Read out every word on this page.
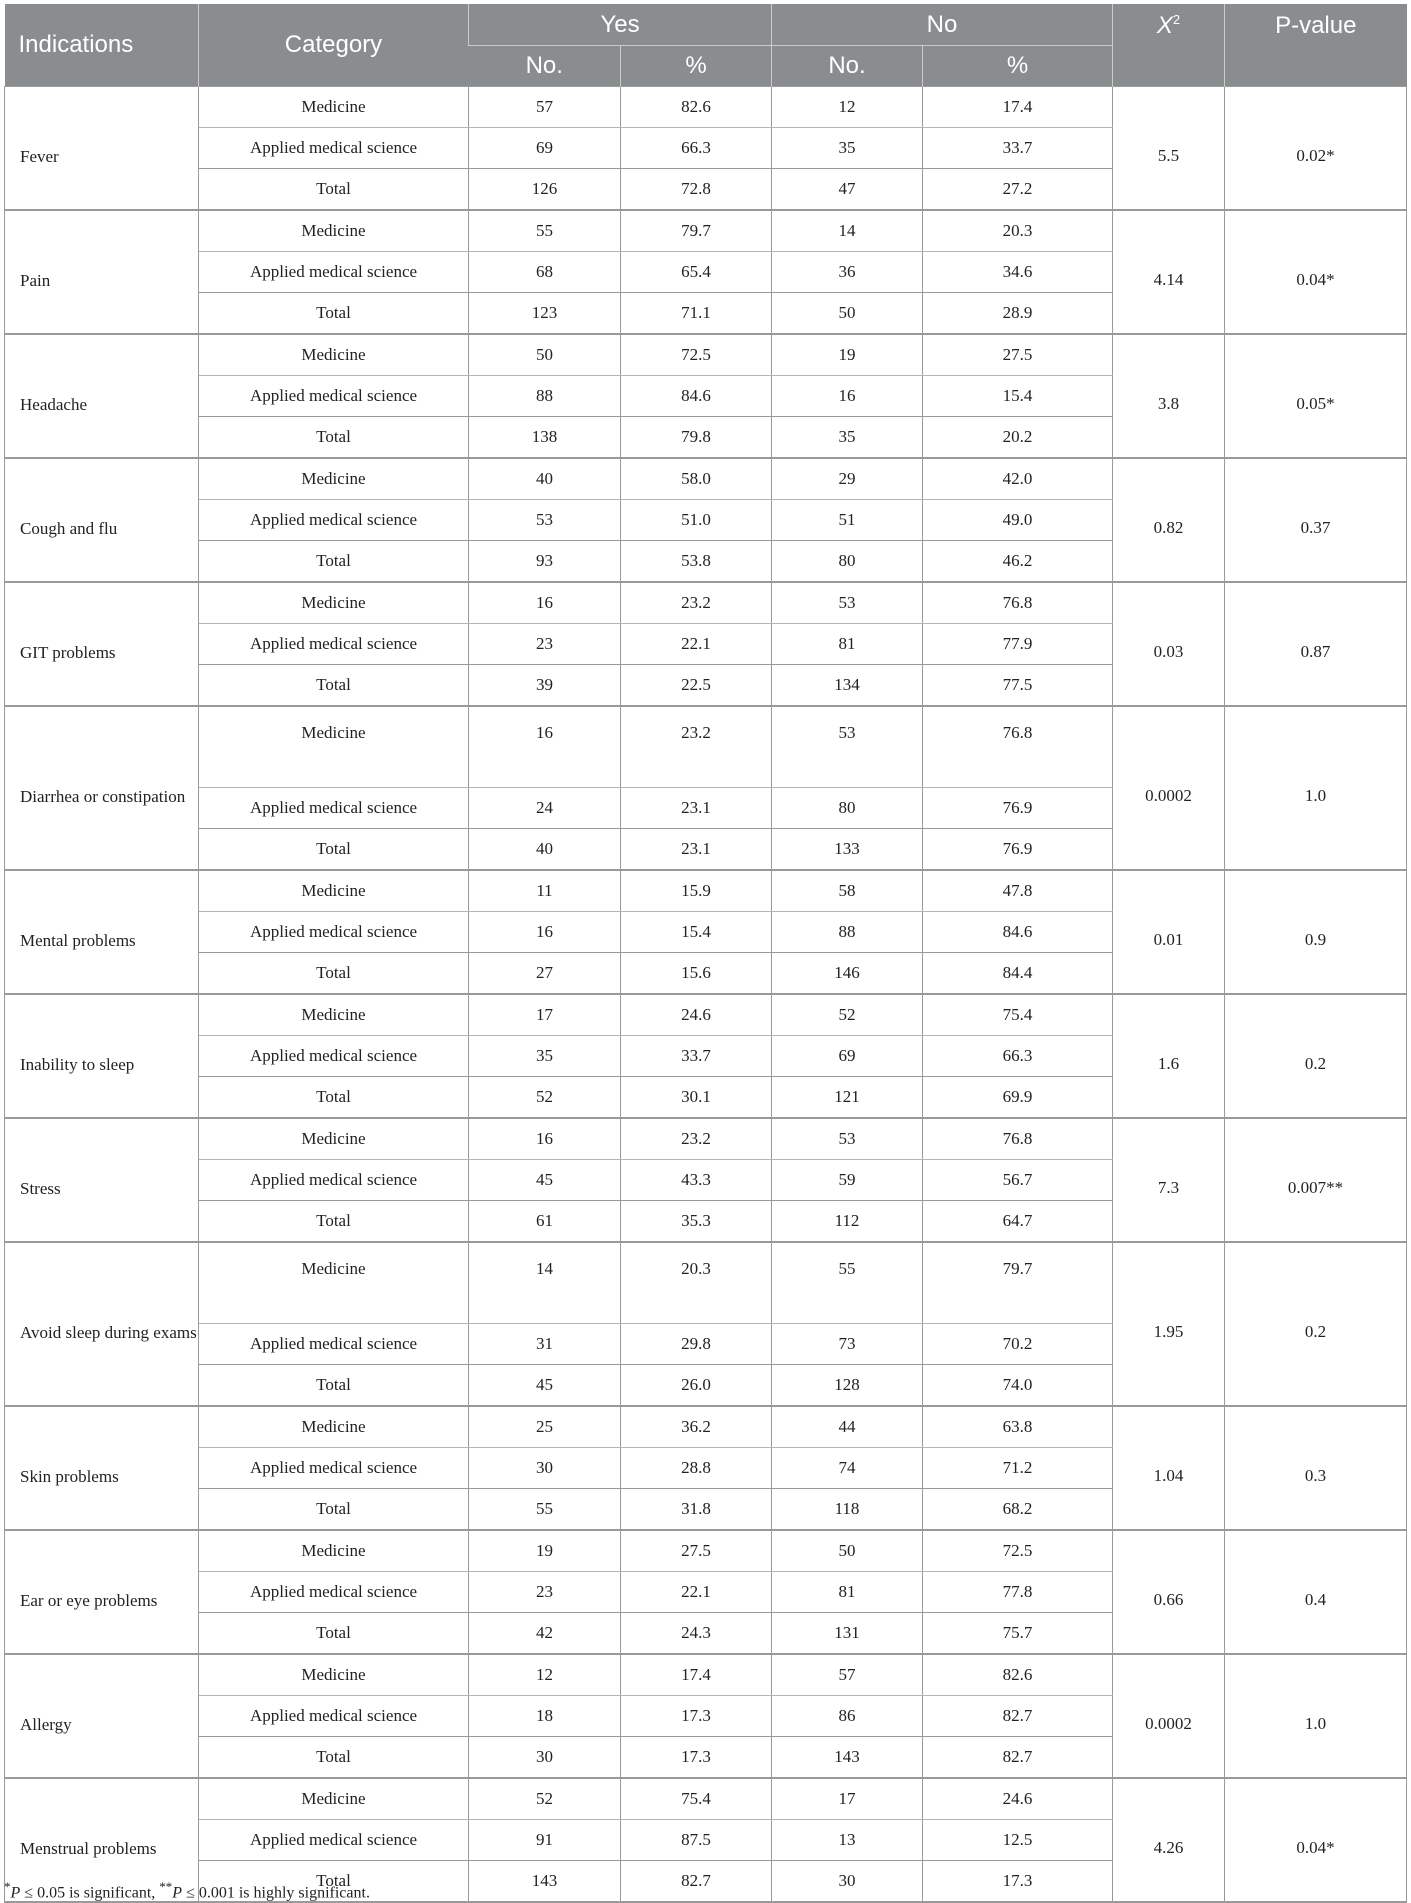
Indications	Category	Yes		No		$X^2$	P-value
		No.	%	No.	%		
Fever	Medicine	57	82.6	12	17.4	5.5	0.02*
	Applied medical science	69	66.3	35	33.7		
	Total	126	72.8	47	27.2		
Pain	Medicine	55	79.7	14	20.3	4.14	0.04*
	Applied medical science	68	65.4	36	34.6		
	Total	123	71.1	50	28.9		
Headache	Medicine	50	72.5	19	27.5	3.8	0.05*
	Applied medical science	88	84.6	16	15.4		
	Total	138	79.8	35	20.2		
Cough and flu	Medicine	40	58.0	29	42.0	0.82	0.37
	Applied medical science	53	51.0	51	49.0		
	Total	93	53.8	80	46.2		
GIT problems	Medicine	16	23.2	53	76.8	0.03	0.87
	Applied medical science	23	22.1	81	77.9		
	Total	39	22.5	134	77.5		
Diarrhea or constipation	Medicine	16	23.2	53	76.8	0.0002	1.0
	Applied medical science	24	23.1	80	76.9		
	Total	40	23.1	133	76.9		
Mental problems	Medicine	11	15.9	58	47.8	0.01	0.9
	Applied medical science	16	15.4	88	84.6		
	Total	27	15.6	146	84.4		
Inability to sleep	Medicine	17	24.6	52	75.4	1.6	0.2
	Applied medical science	35	33.7	69	66.3		
	Total	52	30.1	121	69.9		
Stress	Medicine	16	23.2	53	76.8	7.3	0.007**
	Applied medical science	45	43.3	59	56.7		
	Total	61	35.3	112	64.7		
Avoid sleep during exams	Medicine	14	20.3	55	79.7	1.95	0.2
	Applied medical science	31	29.8	73	70.2		
	Total	45	26.0	128	74.0		
Skin problems	Medicine	25	36.2	44	63.8	1.04	0.3
	Applied medical science	30	28.8	74	71.2		
	Total	55	31.8	118	68.2		
Ear or eye problems	Medicine	19	27.5	50	72.5	0.66	0.4
	Applied medical science	23	22.1	81	77.8		
	Total	42	24.3	131	75.7		
Allergy	Medicine	12	17.4	57	82.6	0.0002	1.0
	Applied medical science	18	17.3	86	82.7		
	Total	30	17.3	143	82.7		
Menstrual problems	Medicine	52	75.4	17	24.6	4.26	0.04*
	Applied medical science	91	87.5	13	12.5		
	Total	143	82.7	30	17.3		
*P ≤ 0.05 is significant, **P ≤ 0.001 is highly significant.
